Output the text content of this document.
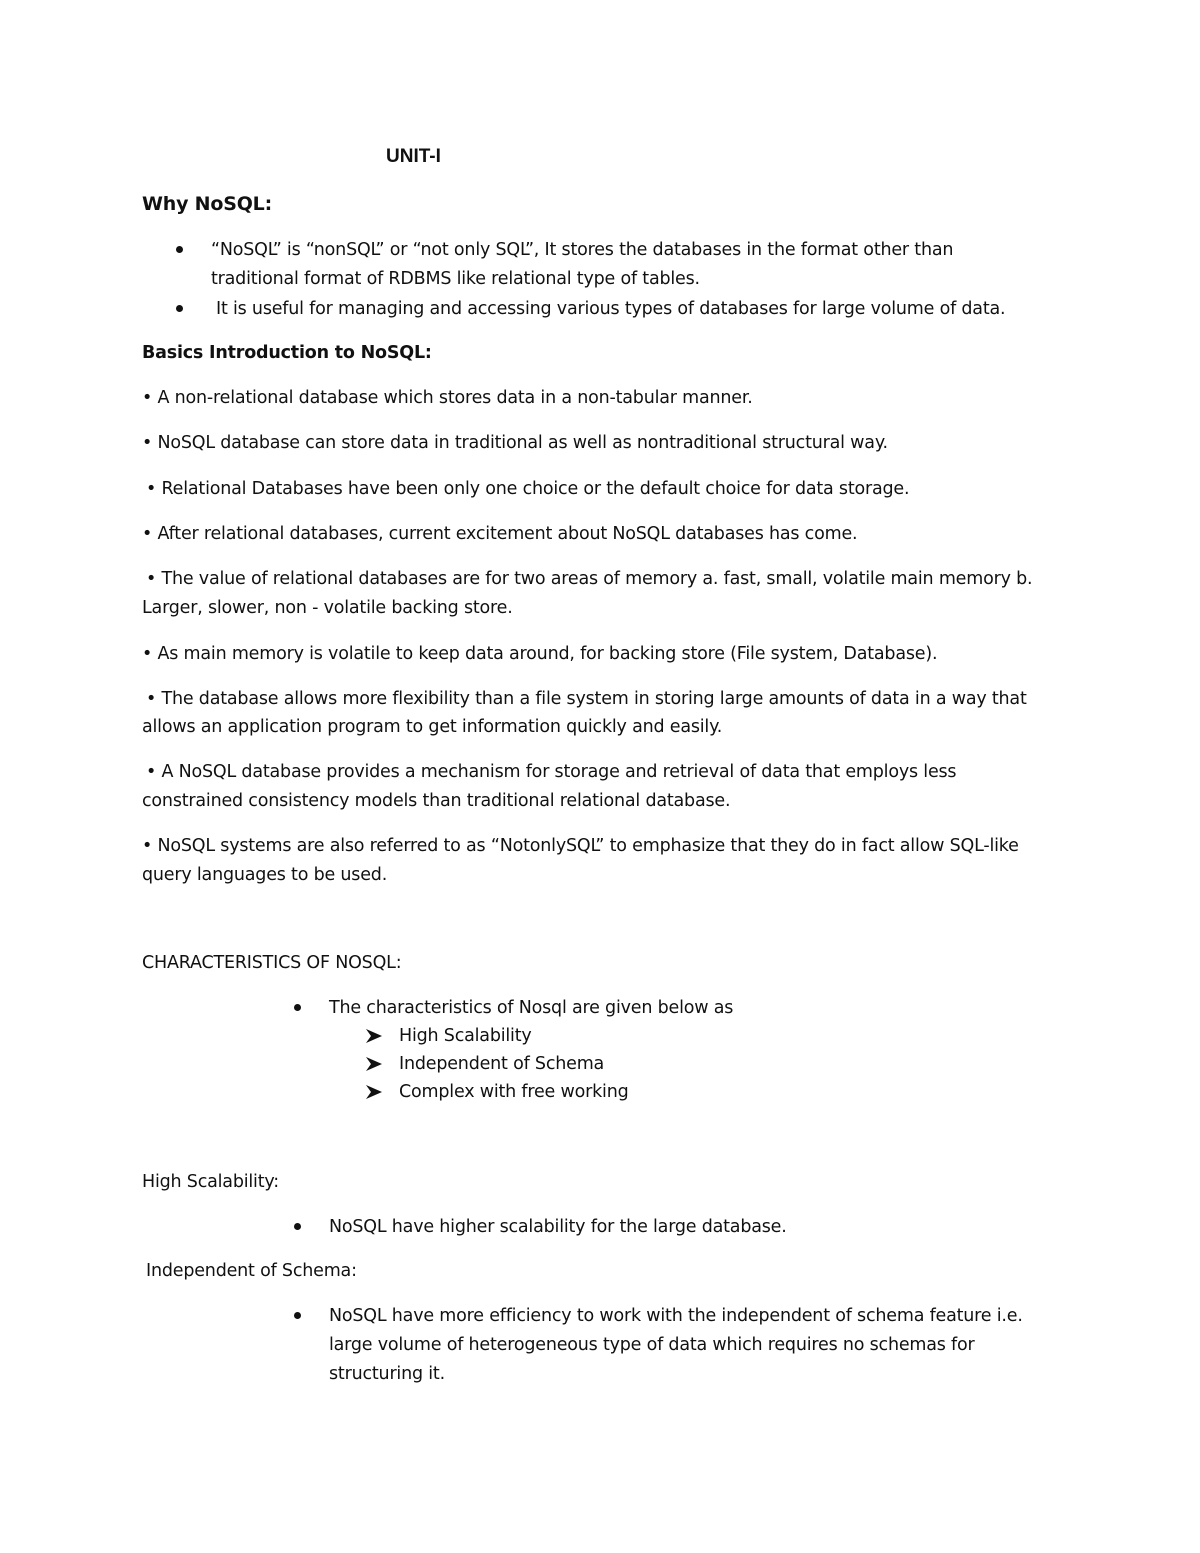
UNIT-I
Why NoSQL:
“NoSQL” is “nonSQL” or “not only SQL”, It stores the databases in the format other than
traditional format of RDBMS like relational type of tables.
It is useful for managing and accessing various types of databases for large volume of data.
Basics Introduction to NoSQL:
• A non-relational database which stores data in a non-tabular manner.
• NoSQL database can store data in traditional as well as nontraditional structural way.
• Relational Databases have been only one choice or the default choice for data storage.
• After relational databases, current excitement about NoSQL databases has come.
• The value of relational databases are for two areas of memory a. fast, small, volatile main memory b.
Larger, slower, non - volatile backing store.
• As main memory is volatile to keep data around, for backing store (File system, Database).
• The database allows more flexibility than a file system in storing large amounts of data in a way that
allows an application program to get information quickly and easily.
• A NoSQL database provides a mechanism for storage and retrieval of data that employs less
constrained consistency models than traditional relational database.
• NoSQL systems are also referred to as “NotonlySQL” to emphasize that they do in fact allow SQL-like
query languages to be used.
CHARACTERISTICS OF NOSQL:
The characteristics of Nosql are given below as
High Scalability
Independent of Schema
Complex with free working
High Scalability:
NoSQL have higher scalability for the large database.
Independent of Schema:
NoSQL have more efficiency to work with the independent of schema feature i.e.
large volume of heterogeneous type of data which requires no schemas for
structuring it.
